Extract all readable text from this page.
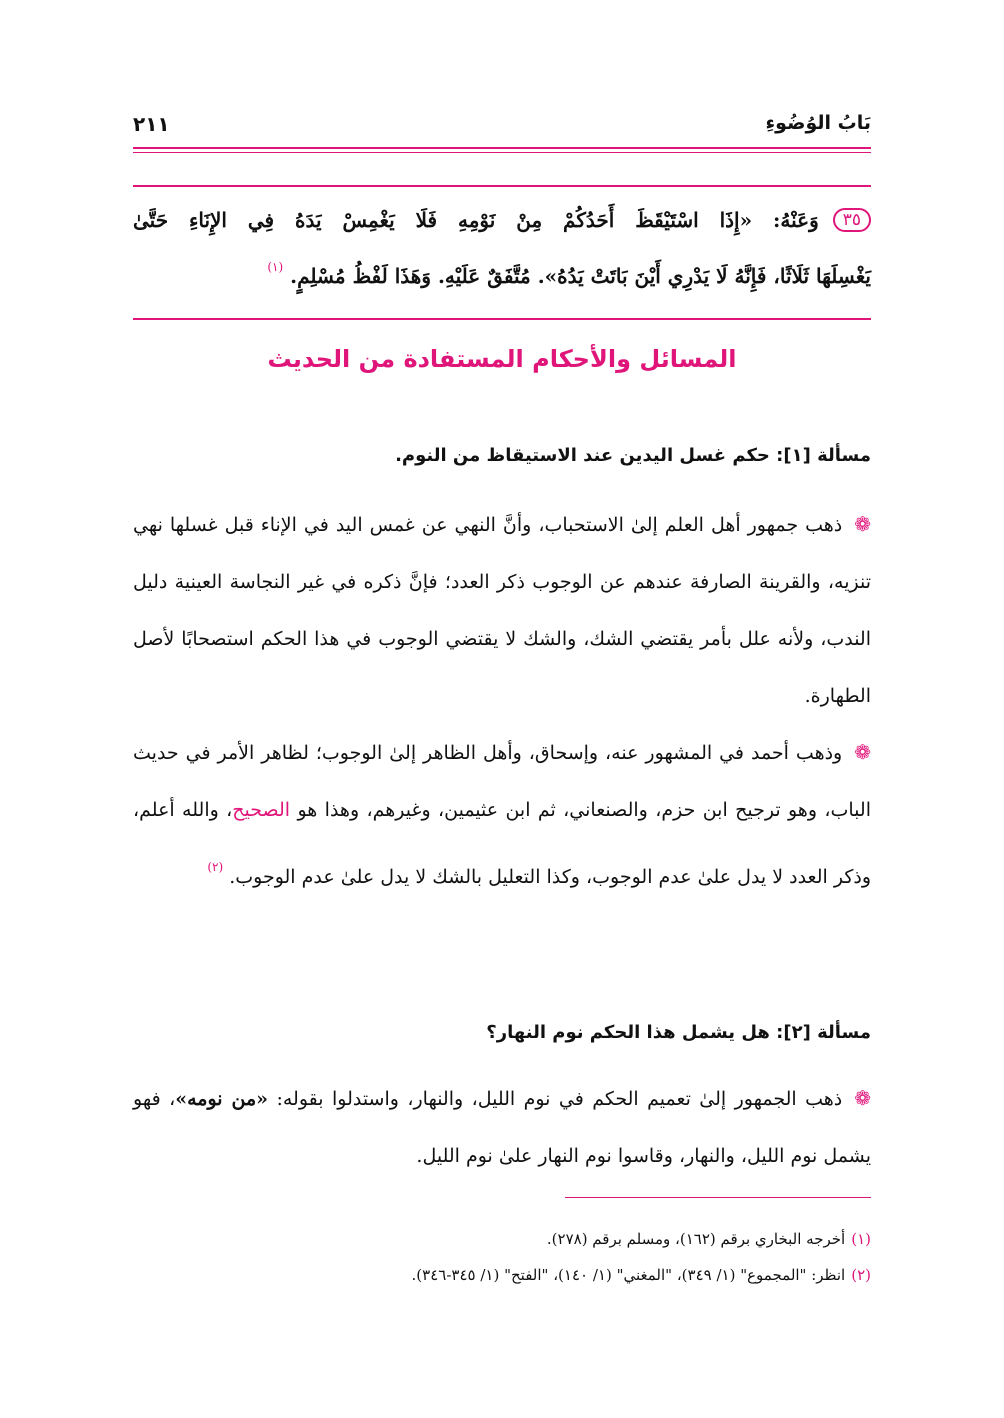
بَابُ الوُضُوءِ
٢١١
٣٥وَعَنْهُ: «إِذَا اسْتَيْقَظَ أَحَدُكُمْ مِنْ نَوْمِهِ فَلَا يَغْمِسْ يَدَهُ فِي الإِنَاءِ حَتَّىٰ
يَغْسِلَهَا ثَلَاثًا، فَإِنَّهُ لَا يَدْرِي أَيْنَ بَاتَتْ يَدُهُ». مُتَّفَقٌ عَلَيْهِ. وَهَذَا لَفْظُ مُسْلِمٍ. $^{(١)}$
المسائل والأحكام المستفادة من الحديث
مسألة [١]: حكم غسل اليدين عند الاستيقاظ من النوم.
❁ذهب جمهور أهل العلم إلىٰ الاستحباب، وأنَّ النهي عن غمس اليد في الإناء قبل غسلها نهي تنزيه، والقرينة الصارفة عندهم عن الوجوب ذكر العدد؛ فإنَّ ذكره في غير النجاسة العينية دليل الندب، ولأنه علل بأمر يقتضي الشك، والشك لا يقتضي الوجوب في هذا الحكم استصحابًا لأصل الطهارة.
❁وذهب أحمد في المشهور عنه، وإسحاق، وأهل الظاهر إلىٰ الوجوب؛ لظاهر الأمر في حديث الباب، وهو ترجيح ابن حزم، والصنعاني، ثم ابن عثيمين، وغيرهم، وهذا هو الصحيح، والله أعلم، وذكر العدد لا يدل علىٰ عدم الوجوب، وكذا التعليل بالشك لا يدل علىٰ عدم الوجوب. $^{(٢)}$
مسألة [٢]: هل يشمل هذا الحكم نوم النهار؟
❁ذهب الجمهور إلىٰ تعميم الحكم في نوم الليل، والنهار، واستدلوا بقوله: «من نومه»، فهو يشمل نوم الليل، والنهار، وقاسوا نوم النهار علىٰ نوم الليل.
(١)أخرجه البخاري برقم (١٦٢)، ومسلم برقم (٢٧٨).
(٢)انظر: "المجموع" (١/ ٣٤٩)، "المغني" (١/ ١٤٠)، "الفتح" (١/ ٣٤٥-٣٤٦).
